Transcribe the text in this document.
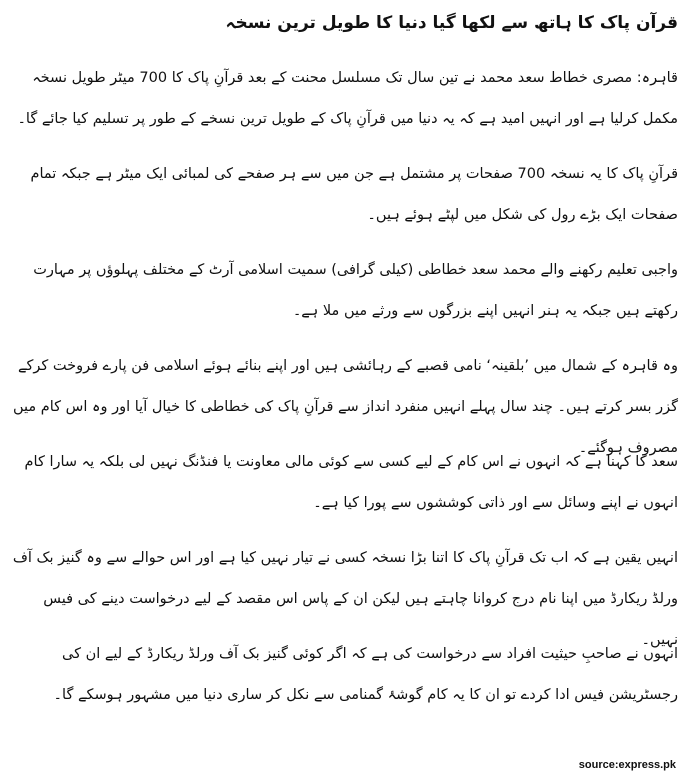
قرآن پاک کا ہاتھ سے لکھا گیا دنیا کا طویل ترین نسخہ

قاہرہ: مصری خطاط سعد محمد نے تین سال تک مسلسل محنت کے بعد قرآنِ پاک کا 700 میٹر طویل نسخہ مکمل کرلیا ہے اور انہیں امید ہے کہ یہ دنیا میں قرآنِ پاک کے طویل ترین نسخے کے طور پر تسلیم کیا جائے گا۔

قرآنِ پاک کا یہ نسخہ 700 صفحات پر مشتمل ہے جن میں سے ہر صفحے کی لمبائی ایک میٹر ہے جبکہ تمام صفحات ایک بڑے رول کی شکل میں لپٹے ہوئے ہیں۔

واجبی تعلیم رکھنے والے محمد سعد خطاطی (کیلی گرافی) سمیت اسلامی آرٹ کے مختلف پہلوؤں پر مہارت رکھتے ہیں جبکہ یہ ہنر انہیں اپنے بزرگوں سے ورثے میں ملا ہے۔

وہ قاہرہ کے شمال میں ’بلقینہ‘ نامی قصبے کے رہائشی ہیں اور اپنے بنائے ہوئے اسلامی فن پارے فروخت کرکے گزر بسر کرتے ہیں۔ چند سال پہلے انہیں منفرد انداز سے قرآنِ پاک کی خطاطی کا خیال آیا اور وہ اس کام میں مصروف ہوگئے۔

سعد کا کہنا ہے کہ انہوں نے اس کام کے لیے کسی سے کوئی مالی معاونت یا فنڈنگ نہیں لی بلکہ یہ سارا کام انہوں نے اپنے وسائل سے اور ذاتی کوششوں سے پورا کیا ہے۔

انہیں یقین ہے کہ اب تک قرآنِ پاک کا اتنا بڑا نسخہ کسی نے تیار نہیں کیا ہے اور اس حوالے سے وہ گنیز بک آف ورلڈ ریکارڈ میں اپنا نام درج کروانا چاہتے ہیں لیکن ان کے پاس اس مقصد کے لیے درخواست دینے کی فیس نہیں۔

انہوں نے صاحبِ حیثیت افراد سے درخواست کی ہے کہ اگر کوئی گنیز بک آف ورلڈ ریکارڈ کے لیے ان کی رجسٹریشن فیس ادا کردے تو ان کا یہ کام گوشۂ گمنامی سے نکل کر ساری دنیا میں مشہور ہوسکے گا۔

source:express.pk
